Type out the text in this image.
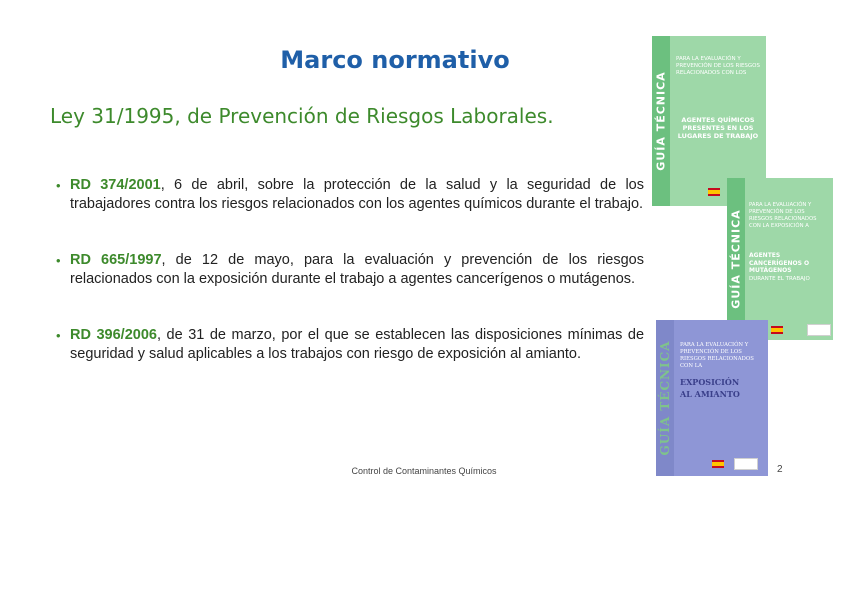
Marco normativo
Ley 31/1995, de Prevención de Riesgos Laborales.
• RD 374/2001, 6 de abril, sobre la protección de la salud y la seguridad de los trabajadores contra los riesgos relacionados con los agentes químicos durante el trabajo.
• RD 665/1997, de 12 de mayo, para la evaluación y prevención de los riesgos relacionados con la exposición durante el trabajo a agentes cancerígenos o mutágenos.
• RD 396/2006, de 31 de marzo, por el que se establecen las disposiciones mínimas de seguridad y salud aplicables a los trabajos con riesgo de exposición al amianto.
Control de Contaminantes Químicos	2
GUÍA TÉCNICA
PARA LA EVALUACIÓN Y PREVENCIÓN DE LOS RIESGOS RELACIONADOS CON LOS
AGENTES QUÍMICOS PRESENTES EN LOS LUGARES DE TRABAJO
GUÍA TÉCNICA
PARA LA EVALUACIÓN Y PREVENCIÓN DE LOS RIESGOS RELACIONADOS CON LA EXPOSICIÓN A
AGENTES CANCERÍGENOS O MUTÁGENOS
DURANTE EL TRABAJO
GUÍA TÉCNICA PARA LA EVALUACIÓN Y PREVENCIÓN DE LOS RIESGOS RELACIONADOS CON LA
EXPOSICIÓN AL AMIANTO
